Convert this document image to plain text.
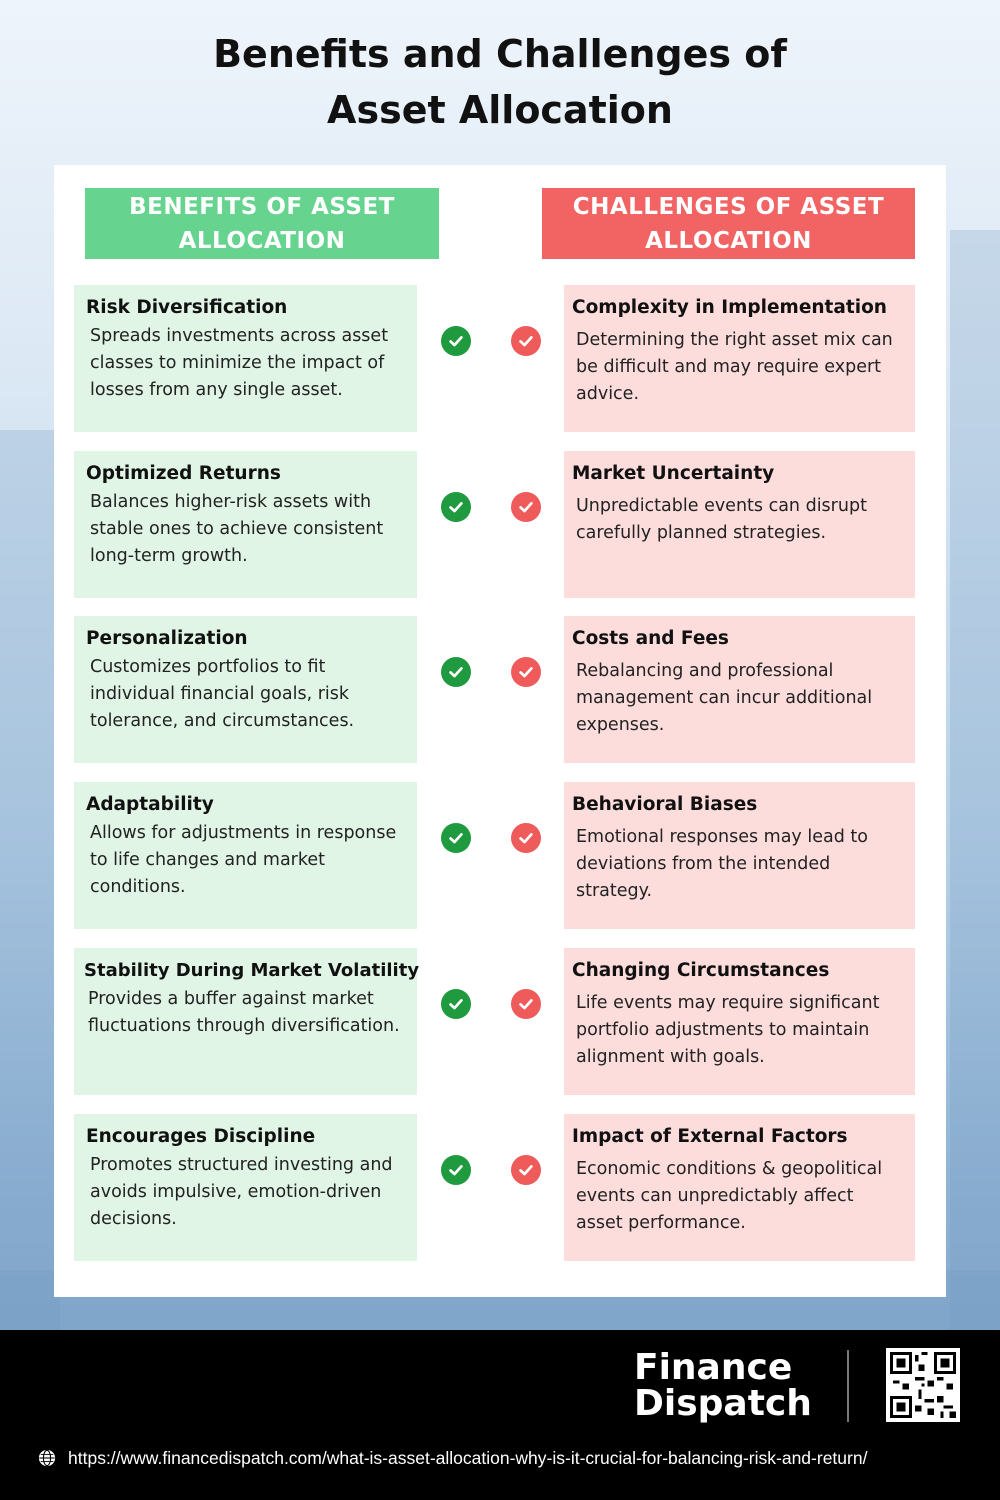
Benefits and Challenges of Asset Allocation
BENEFITS OF ASSET ALLOCATION
CHALLENGES OF ASSET ALLOCATION
Risk Diversification
Spreads investments across asset classes to minimize the impact of losses from any single asset.
Complexity in Implementation
Determining the right asset mix can be difficult and may require expert advice.
Optimized Returns
Balances higher-risk assets with stable ones to achieve consistent long-term growth.
Market Uncertainty
Unpredictable events can disrupt carefully planned strategies.
Personalization
Customizes portfolios to fit individual financial goals, risk tolerance, and circumstances.
Costs and Fees
Rebalancing and professional management can incur additional expenses.
Adaptability
Allows for adjustments in response to life changes and market conditions.
Behavioral Biases
Emotional responses may lead to deviations from the intended strategy.
Stability During Market Volatility
Provides a buffer against market fluctuations through diversification.
Changing Circumstances
Life events may require significant portfolio adjustments to maintain alignment with goals.
Encourages Discipline
Promotes structured investing and avoids impulsive, emotion-driven decisions.
Impact of External Factors
Economic conditions & geopolitical events can unpredictably affect asset performance.
Finance
Dispatch
https://www.financedispatch.com/what-is-asset-allocation-why-is-it-crucial-for-balancing-risk-and-return/
